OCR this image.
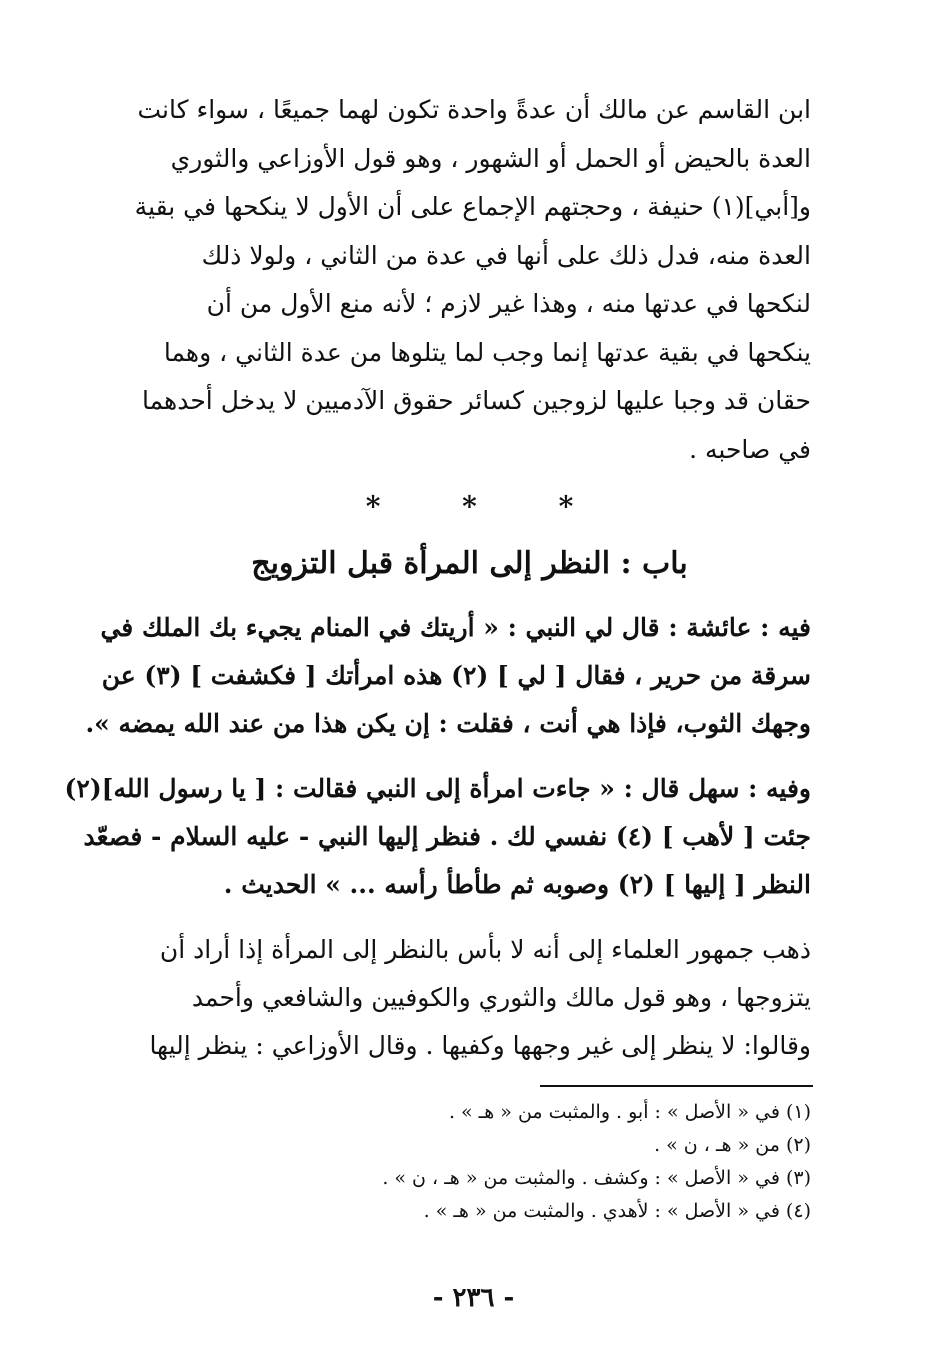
ابن القاسم عن مالك أن عدةً واحدة تكون لهما جميعًا ، سواء كانت
العدة بالحيض أو الحمل أو الشهور ، وهو قول الأوزاعي والثوري
و[أبي](١) حنيفة ، وحجتهم الإجماع على أن الأول لا ينكحها في بقية
العدة منه، فدل ذلك على أنها في عدة من الثاني ، ولولا ذلك
لنكحها في عدتها منه ، وهذا غير لازم ؛ لأنه منع الأول من أن
ينكحها في بقية عدتها إنما وجب لما يتلوها من عدة الثاني ، وهما
حقان قد وجبا عليها لزوجين كسائر حقوق الآدميين لا يدخل أحدهما
في صاحبه .
*	*	*
باب : النظر إلى المرأة قبل التزويج
فيه : عائشة : قال لي النبي : « أريتك في المنام يجيء بك الملك في
سرقة من حرير ، فقال [ لي ] (٢) هذه امرأتك [ فكشفت ] (٣) عن
وجهك الثوب، فإذا هي أنت ، فقلت : إن يكن هذا من عند الله يمضه ».
وفيه : سهل قال : « جاءت امرأة إلى النبي فقالت : [ يا رسول الله](٢)
جئت [ لأهب ] (٤) نفسي لك . فنظر إليها النبي - عليه السلام - فصعّد
النظر [ إليها ] (٢) وصوبه ثم طأطأ رأسه ... » الحديث .
ذهب جمهور العلماء إلى أنه لا بأس بالنظر إلى المرأة إذا أراد أن
يتزوجها ، وهو قول مالك والثوري والكوفيين والشافعي وأحمد
وقالوا: لا ينظر إلى غير وجهها وكفيها . وقال الأوزاعي : ينظر إليها
(١) في « الأصل » : أبو . والمثبت من « هـ » .
(٢) من « هـ ، ن » .
(٣) في « الأصل » : وكشف . والمثبت من « هـ ، ن » .
(٤) في « الأصل » : لأهدي . والمثبت من « هـ » .
- ٢٣٦ -
